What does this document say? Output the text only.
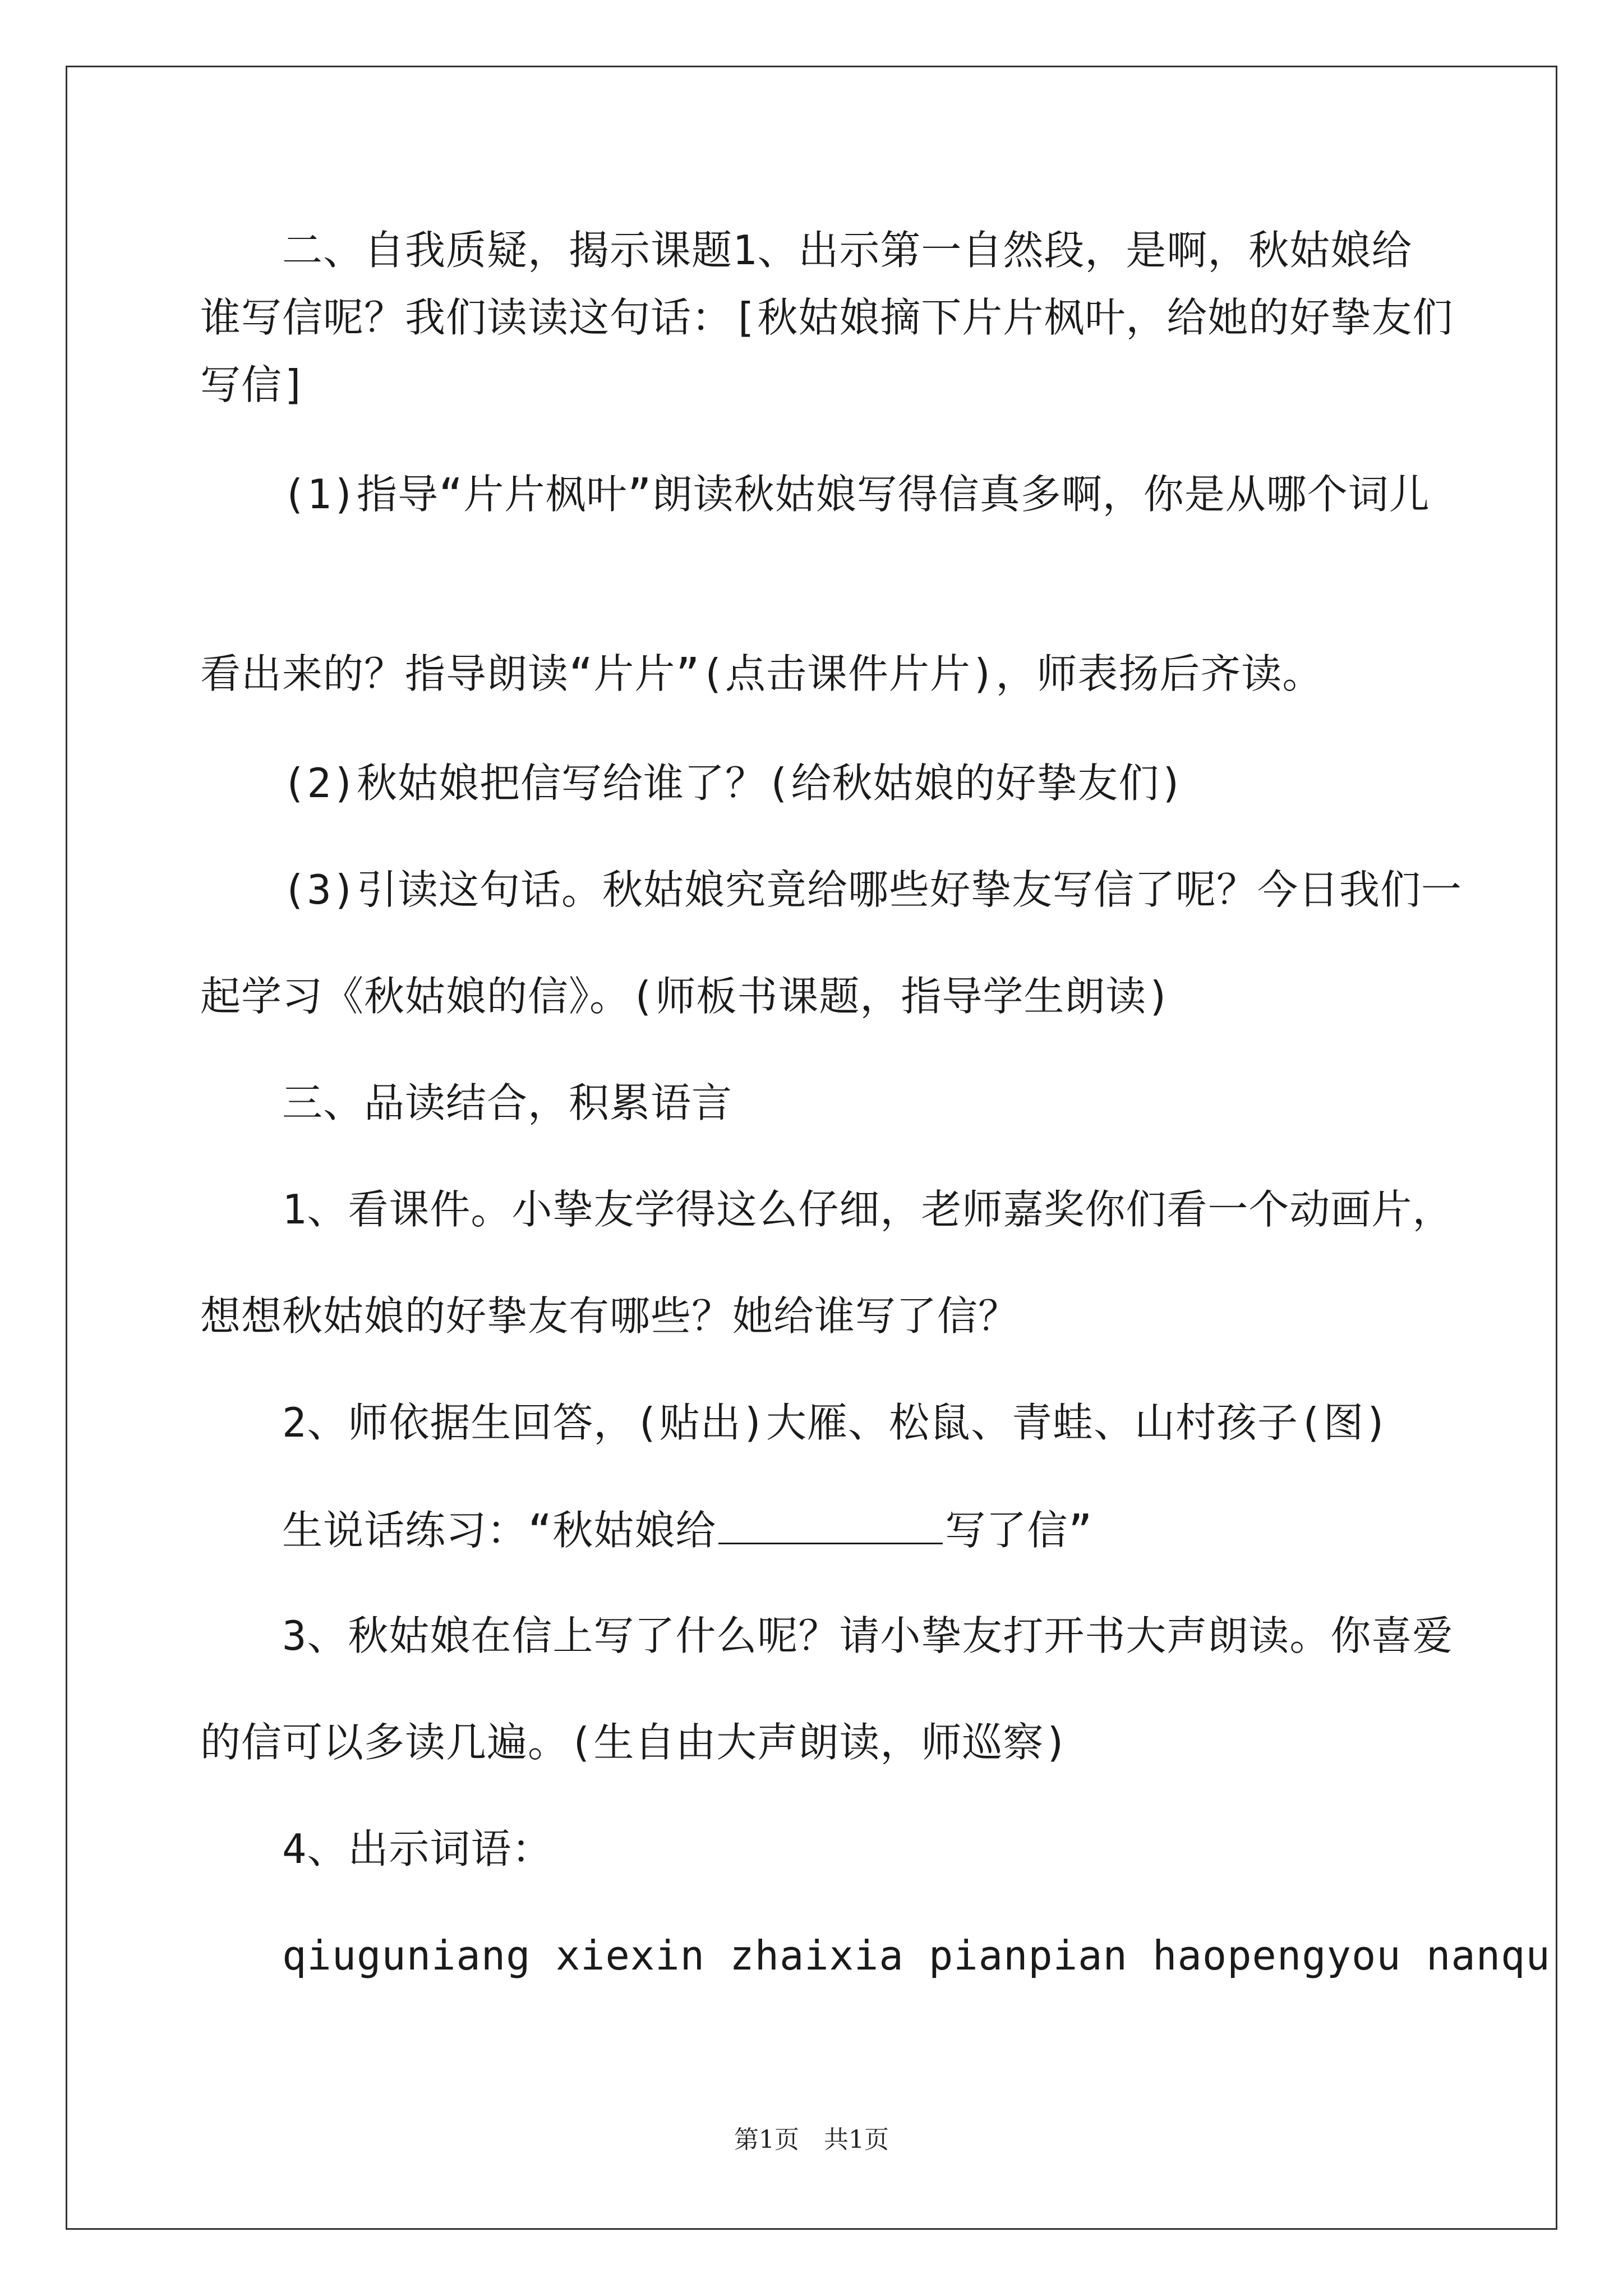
二、自我质疑，揭示课题1、出示第一自然段，是啊，秋姑娘给
谁写信呢？我们读读这句话：[秋姑娘摘下片片枫叶，给她的好挚友们
写信]
(1)指导“片片枫叶”朗读秋姑娘写得信真多啊，你是从哪个词儿
看出来的？指导朗读“片片”(点击课件片片)，师表扬后齐读。
(2)秋姑娘把信写给谁了？(给秋姑娘的好挚友们)
(3)引读这句话。秋姑娘究竟给哪些好挚友写信了呢？今日我们一
起学习《秋姑娘的信》。(师板书课题，指导学生朗读)
三、品读结合，积累语言
1、看课件。小挚友学得这么仔细，老师嘉奖你们看一个动画片，
想想秋姑娘的好挚友有哪些？她给谁写了信？
2、师依据生回答，(贴出)大雁、松鼠、青蛙、山村孩子(图)
生说话练习：“秋姑娘给	写了信”
3、秋姑娘在信上写了什么呢？请小挚友打开书大声朗读。你喜爱
的信可以多读几遍。(生自由大声朗读，师巡察)
4、出示词语：
qiuguniang xiexin zhaixia pianpian haopengyou nanqu
第1页　共1页
